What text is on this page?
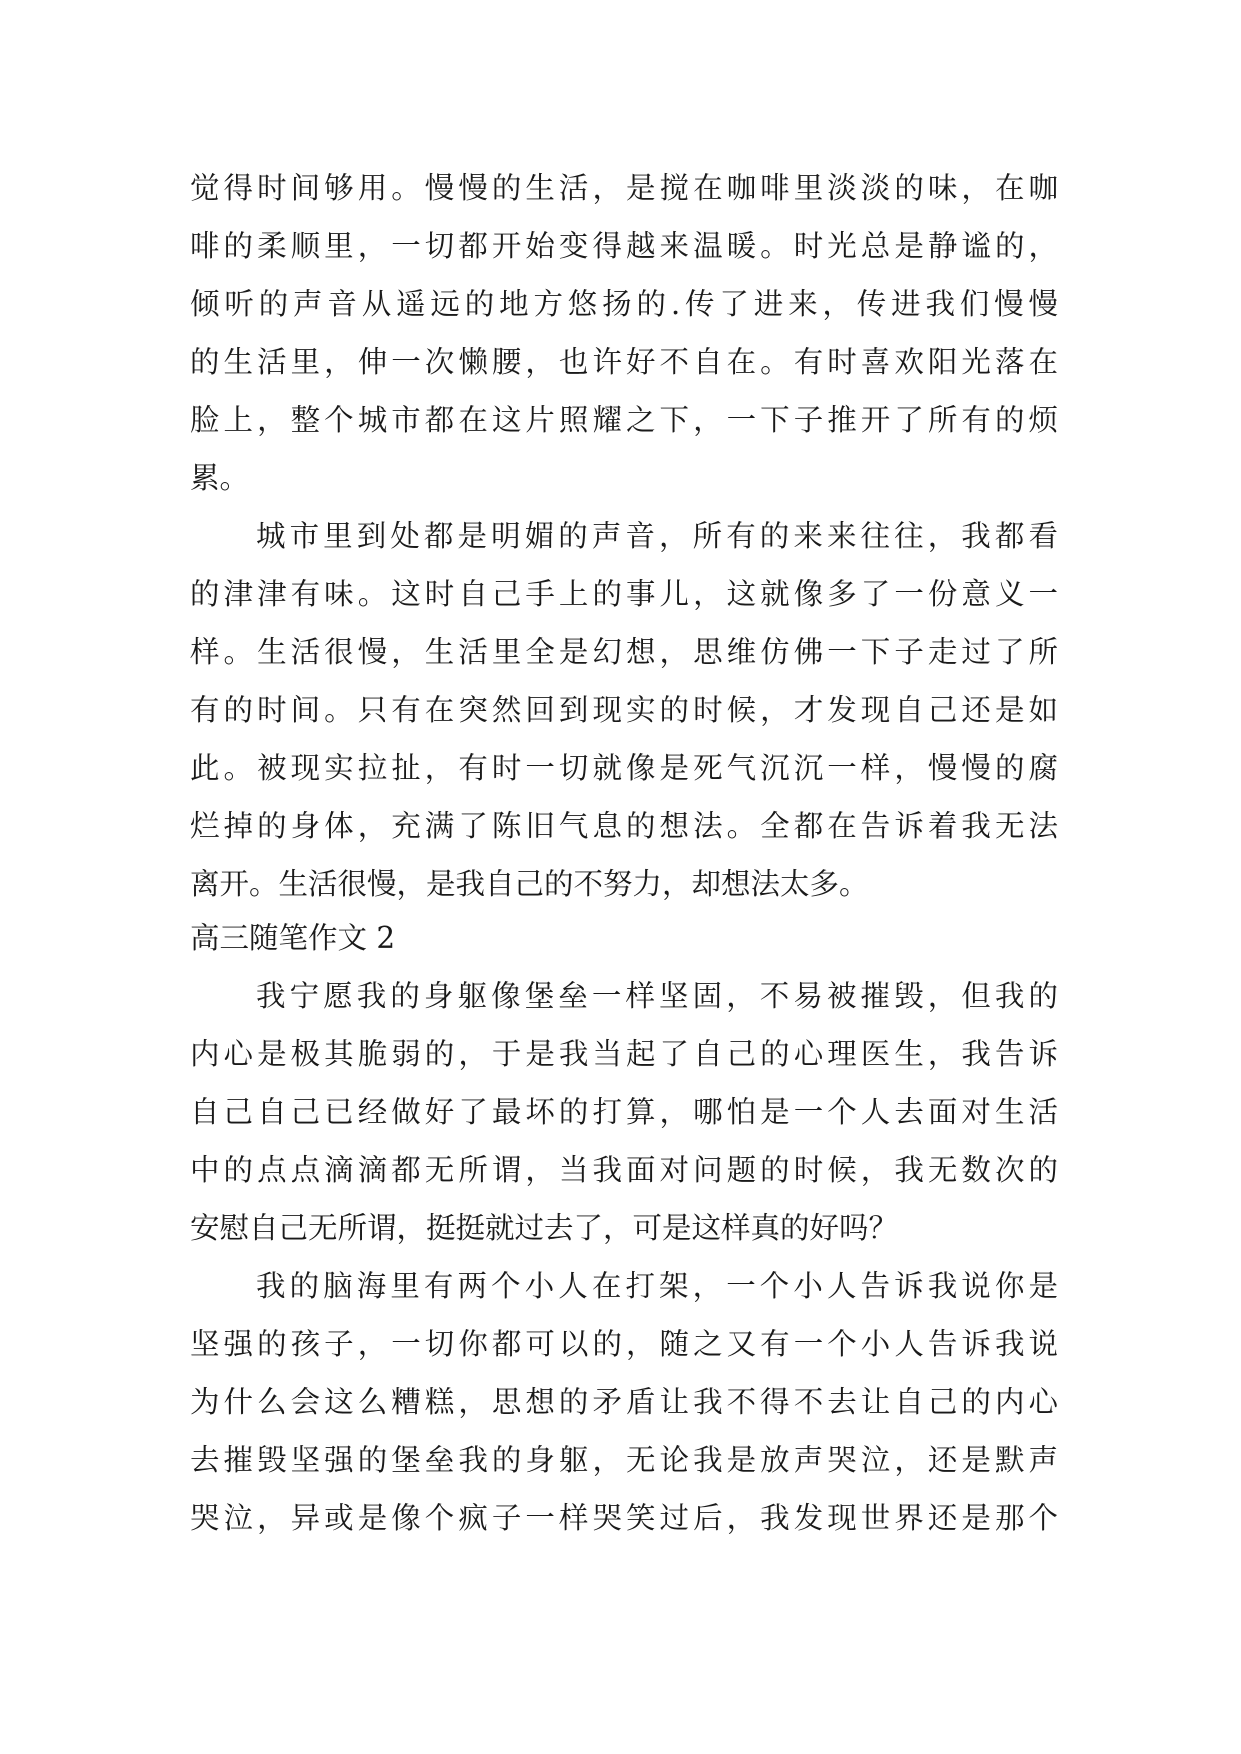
觉得时间够用。慢慢的生活，是搅在咖啡里淡淡的味，在咖
啡的柔顺里，一切都开始变得越来温暖。时光总是静谧的，
倾听的声音从遥远的地方悠扬的.传了进来，传进我们慢慢
的生活里，伸一次懒腰，也许好不自在。有时喜欢阳光落在
脸上，整个城市都在这片照耀之下，一下子推开了所有的烦
累。
城市里到处都是明媚的声音，所有的来来往往，我都看
的津津有味。这时自己手上的事儿，这就像多了一份意义一
样。生活很慢，生活里全是幻想，思维仿佛一下子走过了所
有的时间。只有在突然回到现实的时候，才发现自己还是如
此。被现实拉扯，有时一切就像是死气沉沉一样，慢慢的腐
烂掉的身体，充满了陈旧气息的想法。全都在告诉着我无法
离开。生活很慢，是我自己的不努力，却想法太多。
高三随笔作文 2
我宁愿我的身躯像堡垒一样坚固，不易被摧毁，但我的
内心是极其脆弱的，于是我当起了自己的心理医生，我告诉
自己自己已经做好了最坏的打算，哪怕是一个人去面对生活
中的点点滴滴都无所谓，当我面对问题的时候，我无数次的
安慰自己无所谓，挺挺就过去了，可是这样真的好吗？
我的脑海里有两个小人在打架，一个小人告诉我说你是
坚强的孩子，一切你都可以的，随之又有一个小人告诉我说
为什么会这么糟糕，思想的矛盾让我不得不去让自己的内心
去摧毁坚强的堡垒我的身躯，无论我是放声哭泣，还是默声
哭泣，异或是像个疯子一样哭笑过后，我发现世界还是那个
